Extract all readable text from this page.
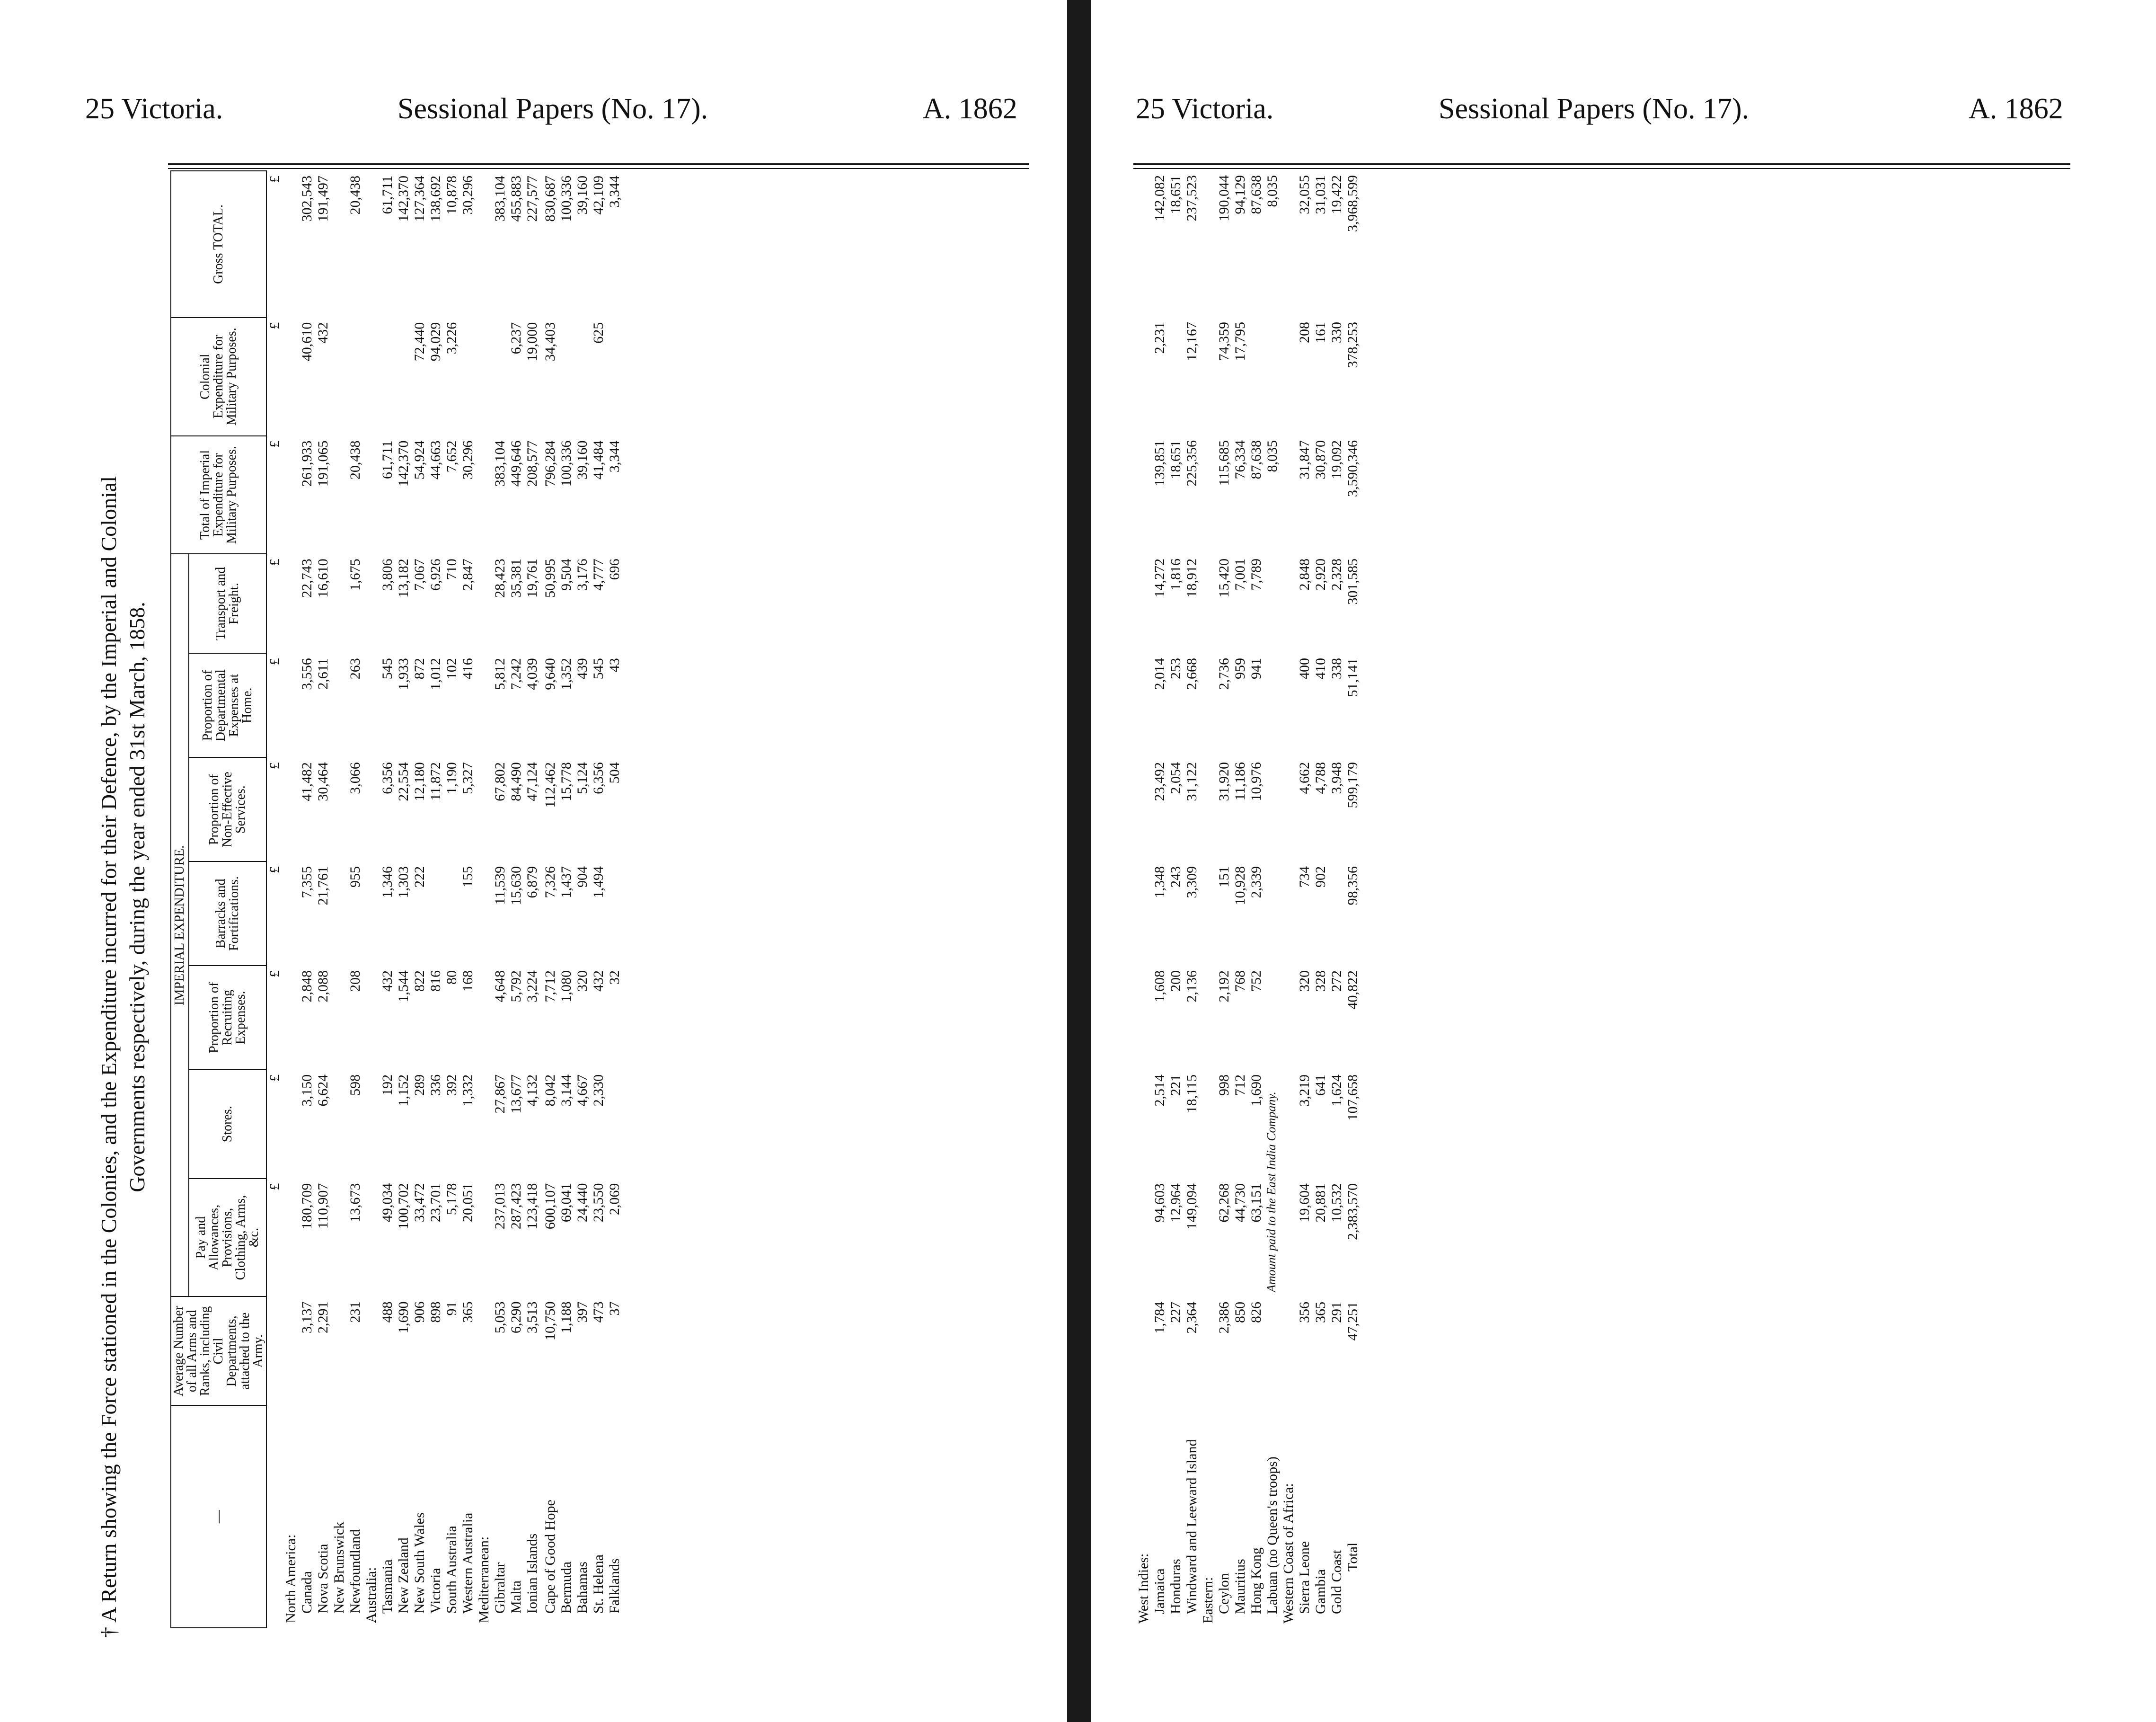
25 Victoria.	Sessional Papers (No. 17).	A. 1862	25 Victoria.	Sessional Papers (No. 17).	A. 1862
† A Return showing the Force stationed in the Colonies, and the Expenditure incurred for their Defence, by the Imperial and Colonial Governments respectively, during the year ended 31st March, 1858.
—	Average Number of all Arms and Ranks, including Civil Departments, attached to the Army.	IMPERIAL EXPENDITURE.							Total of Imperial Expenditure for Military Purposes.	Colonial Expenditure for Military Purposes.	Gross TOTAL.
		Pay and Allowances, Provisions, Clothing, Arms, &c.	Stores.	Proportion of Recruiting Expenses.	Barracks and Fortifications.	Proportion of Non-Effective Services.	Proportion of Departmental Expenses at Home.	Transport and Freight.			
		£	£	£	£	£	£	£	£	£	£
North America:											
Canada	3,137	180,709	3,150	2,848	7,355	41,482	3,556	22,743	261,933	40,610	302,543
Nova Scotia	2,291	110,907	6,624	2,088	21,761	30,464	2,611	16,610	191,065	432	191,497
New Brunswick											
Newfoundland	231	13,673	598	208	955	3,066	263	1,675	20,438		20,438
Australia:											
Tasmania	488	49,034	192	432	1,346	6,356	545	3,806	61,711		61,711
New Zealand	1,690	100,702	1,152	1,544	1,303	22,554	1,933	13,182	142,370		142,370
New South Wales	906	33,472	289	822	222	12,180	872	7,067	54,924	72,440	127,364
Victoria	898	23,701	336	816		11,872	1,012	6,926	44,663	94,029	138,692
South Australia	91	5,178	392	80		1,190	102	710	7,652	3,226	10,878
Western Australia	365	20,051	1,332	168	155	5,327	416	2,847	30,296		30,296
Mediterranean:											
Gibraltar	5,053	237,013	27,867	4,648	11,539	67,802	5,812	28,423	383,104		383,104
Malta	6,290	287,423	13,677	5,792	15,630	84,490	7,242	35,381	449,646	6,237	455,883
Ionian Islands	3,513	123,418	4,132	3,224	6,879	47,124	4,039	19,761	208,577	19,000	227,577

Cape of Good Hope	10,750	600,107	8,042	7,712	7,326	112,462	9,640	50,995	796,284	34,403	830,687
Bermuda	1,188	69,041	3,144	1,080	1,437	15,778	1,352	9,504	100,336		100,336
Bahamas	397	24,440	4,667	320	904	5,124	439	3,176	39,160		39,160
St. Helena	473	23,550	2,330	432	1,494	6,356	545	4,777	41,484	625	42,109
Falklands	37	2,069		32		504	43	696	3,344		3,344
West Indies:											
Jamaica	1,784	94,603	2,514	1,608	1,348	23,492	2,014	14,272	139,851	2,231	142,082
Honduras	227	12,964	221	200	243	2,054	253	1,816	18,651		18,651
Windward and Leeward Island	2,364	149,094	18,115	2,136	3,309	31,122	2,668	18,912	225,356	12,167	237,523
Eastern:											
Ceylon	2,386	62,268	998	2,192	151	31,920	2,736	15,420	115,685	74,359	190,044
Mauritius	850	44,730	712	768	10,928	11,186	959	7,001	76,334	17,795	94,129
Hong Kong	826	63,151	1,690	752	2,339	10,976	941	7,789	87,638		87,638
Labuan (no Queen's troops)		Amount paid to the East India Company.							8,035		8,035
Western Coast of Africa:											
Sierra Leone	356	19,604	3,219	320	734	4,662	400	2,848	31,847	208	32,055
Gambia	365	20,881	641	328	902	4,788	410	2,920	30,870	161	31,031
Gold Coast	291	10,532	1,624	272		3,948	338	2,328	19,092	330	19,422
Total	47,251	2,383,570	107,658	40,822	98,356	599,179	51,141	301,585	3,590,346	378,253	3,968,599
